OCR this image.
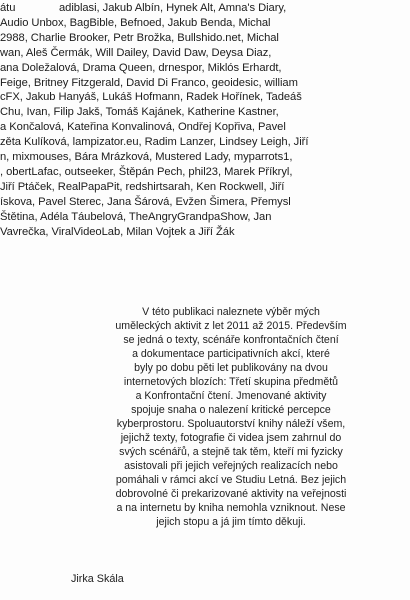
átu	adiblasi, Jakub Albín, Hynek Alt, Amna's Diary,
Audio Unbox, BagBible, Befnoed, Jakub Benda, Michal
2988, Charlie Brooker, Petr Brožka, Bullshido.net, Michal
wan, Aleš Čermák, Will Dailey, David Daw, Deysa Diaz,
ana Doležalová, Drama Queen, drnespor, Miklós Erhardt,
Feige, Britney Fitzgerald, David Di Franco, geoidesic, william
cFX, Jakub Hanyáš, Lukáš Hofmann, Radek Hořínek, Tadeáš
Chu, Ivan, Filip Jakš, Tomáš Kajánek, Katherine Kastner,
a Končalová, Kateřina Konvalinová, Ondřej Kopřiva, Pavel
zěta Kulíková, lampizator.eu, Radim Lanzer, Lindsey Leigh, Jiří
n, mixmouses, Bára Mrázková, Mustered Lady, myparrots1,
, obertLafac, outseeker, Štěpán Pech, phil23, Marek Příkryl,
Jiří Ptáček, RealPapaPit, redshirtsarah, Ken Rockwell, Jiří
ískova, Pavel Sterec, Jana Šárová, Evžen Šimera, Přemysl
Štětina, Adéla Táubelová, TheAngryGrandpaShow, Jan
Vavrečka, ViralVideoLab, Milan Vojtek a Jiří Žák
V této publikaci naleznete výběr mých
uměleckých aktivit z let 2011 až 2015. Především
se jedná o texty, scénáře konfrontačních čtení
a dokumentace participativních akcí, které
byly po dobu pěti let publikovány na dvou
internetových blozích: Třetí skupina předmětů
a Konfrontační čtení. Jmenované aktivity
spojuje snaha o nalezení kritické percepce
kyberprostoru. Spoluautorství knihy náleží všem,
jejichž texty, fotografie či videa jsem zahrnul do
svých scénářů, a stejně tak těm, kteří mi fyzicky
asistovali při jejich veřejných realizacích nebo
pomáhali v rámci akcí ve Studiu Letná. Bez jejich
dobrovolné či prekarizované aktivity na veřejnosti
a na internetu by kniha nemohla vzniknout. Nese
jejich stopu a já jim tímto děkuji.
Jirka Skála
